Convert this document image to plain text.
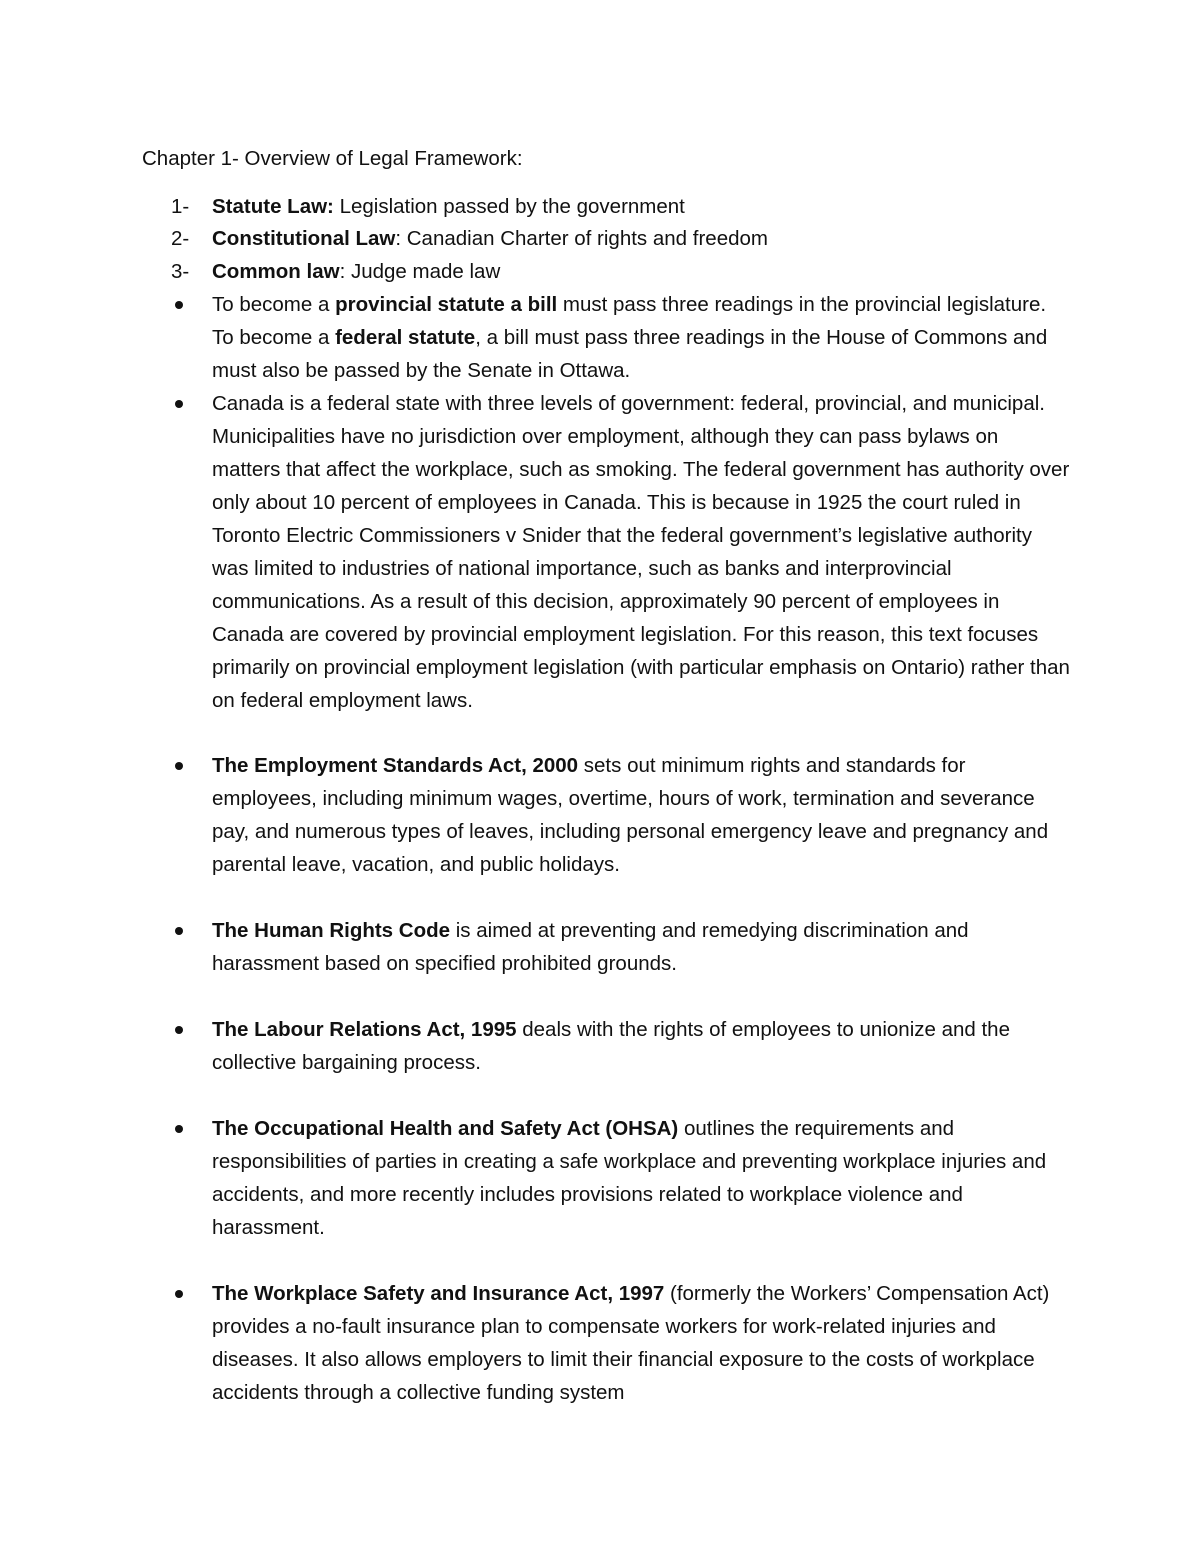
Chapter 1- Overview of Legal Framework:
1-	Statute Law: Legislation passed by the government
2-	Constitutional Law: Canadian Charter of rights and freedom
3-	Common law: Judge made law
To become a provincial statute a bill must pass three readings in the provincial legislature. To become a federal statute, a bill must pass three readings in the House of Commons and must also be passed by the Senate in Ottawa.
Canada is a federal state with three levels of government: federal, provincial, and municipal. Municipalities have no jurisdiction over employment, although they can pass bylaws on matters that affect the workplace, such as smoking. The federal government has authority over only about 10 percent of employees in Canada. This is because in 1925 the court ruled in Toronto Electric Commissioners v Snider that the federal government’s legislative authority was limited to industries of national importance, such as banks and interprovincial communications. As a result of this decision, approximately 90 percent of employees in Canada are covered by provincial employment legislation. For this reason, this text focuses primarily on provincial employment legislation (with particular emphasis on Ontario) rather than on federal employment laws.
The Employment Standards Act, 2000 sets out minimum rights and standards for employees, including minimum wages, overtime, hours of work, termination and severance pay, and numerous types of leaves, including personal emergency leave and pregnancy and parental leave, vacation, and public holidays.
The Human Rights Code is aimed at preventing and remedying discrimination and harassment based on specified prohibited grounds.
The Labour Relations Act, 1995 deals with the rights of employees to unionize and the collective bargaining process.
The Occupational Health and Safety Act (OHSA) outlines the requirements and responsibilities of parties in creating a safe workplace and preventing workplace injuries and accidents, and more recently includes provisions related to workplace violence and harassment.
The Workplace Safety and Insurance Act, 1997 (formerly the Workers’ Compensation Act) provides a no-fault insurance plan to compensate workers for work-related injuries and diseases. It also allows employers to limit their financial exposure to the costs of workplace accidents through a collective funding system
